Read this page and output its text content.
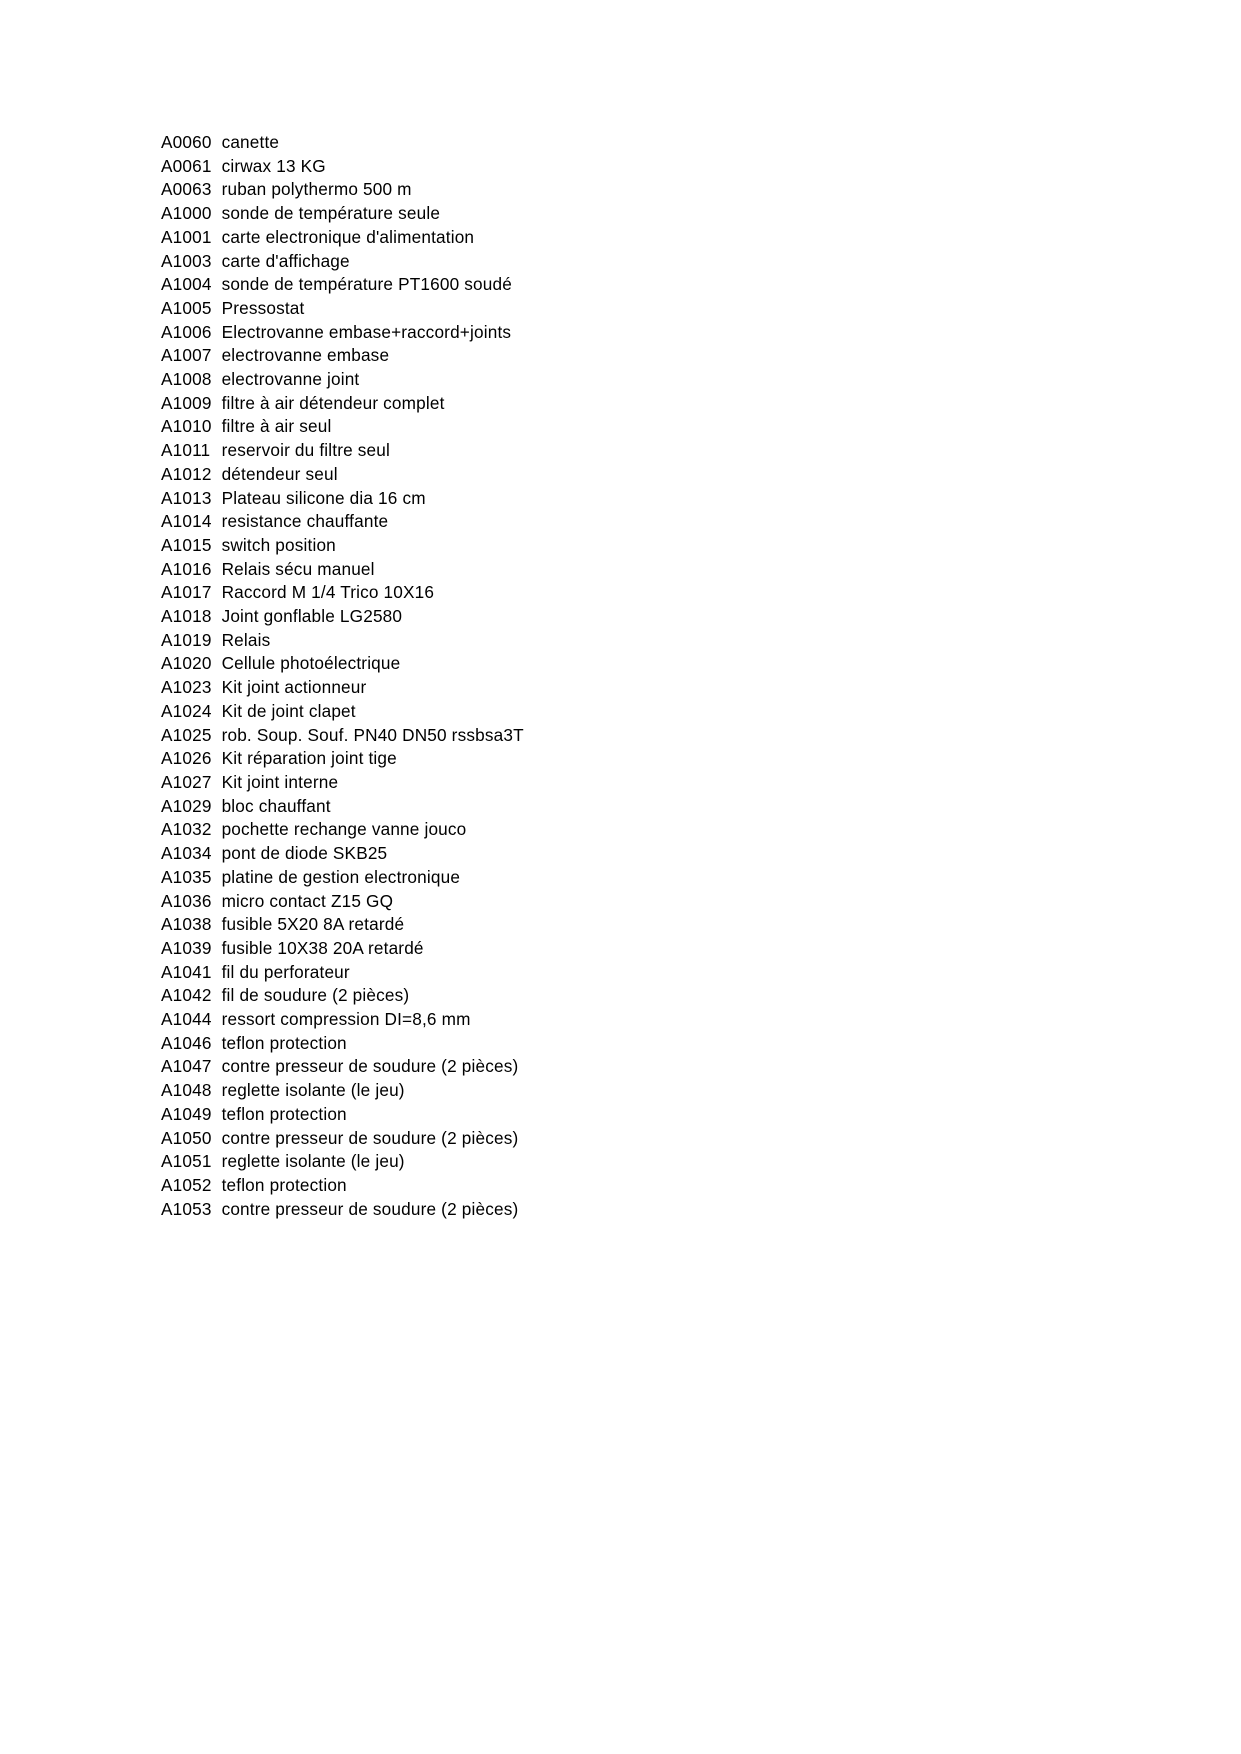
A0060	canette
A0061	cirwax 13 KG
A0063	ruban polythermo 500 m
A1000	sonde de température seule
A1001	carte electronique d'alimentation
A1003	carte d'affichage
A1004	sonde de température PT1600 soudé
A1005	Pressostat
A1006	Electrovanne embase+raccord+joints
A1007	electrovanne embase
A1008	electrovanne joint
A1009	filtre à air détendeur complet
A1010	filtre à air seul
A1011	reservoir du filtre seul
A1012	détendeur seul
A1013	Plateau silicone dia 16 cm
A1014	resistance chauffante
A1015	switch position
A1016	Relais sécu manuel
A1017	Raccord M 1/4 Trico 10X16
A1018	Joint gonflable LG2580
A1019	Relais
A1020	Cellule photoélectrique
A1023	Kit joint actionneur
A1024	Kit de joint clapet
A1025	rob. Soup. Souf. PN40 DN50 rssbsa3T
A1026	Kit réparation joint tige
A1027	Kit joint interne
A1029	bloc chauffant
A1032	pochette rechange vanne jouco
A1034	pont de diode SKB25
A1035	platine de gestion electronique
A1036	micro contact Z15 GQ
A1038	fusible 5X20 8A retardé
A1039	fusible 10X38 20A retardé
A1041	fil du perforateur
A1042	fil de soudure (2 pièces)
A1044	ressort compression DI=8,6 mm
A1046	teflon protection
A1047	contre presseur de soudure (2 pièces)
A1048	reglette isolante (le jeu)
A1049	teflon protection
A1050	contre presseur de soudure (2 pièces)
A1051	reglette isolante (le jeu)
A1052	teflon protection
A1053	contre presseur de soudure (2 pièces)
